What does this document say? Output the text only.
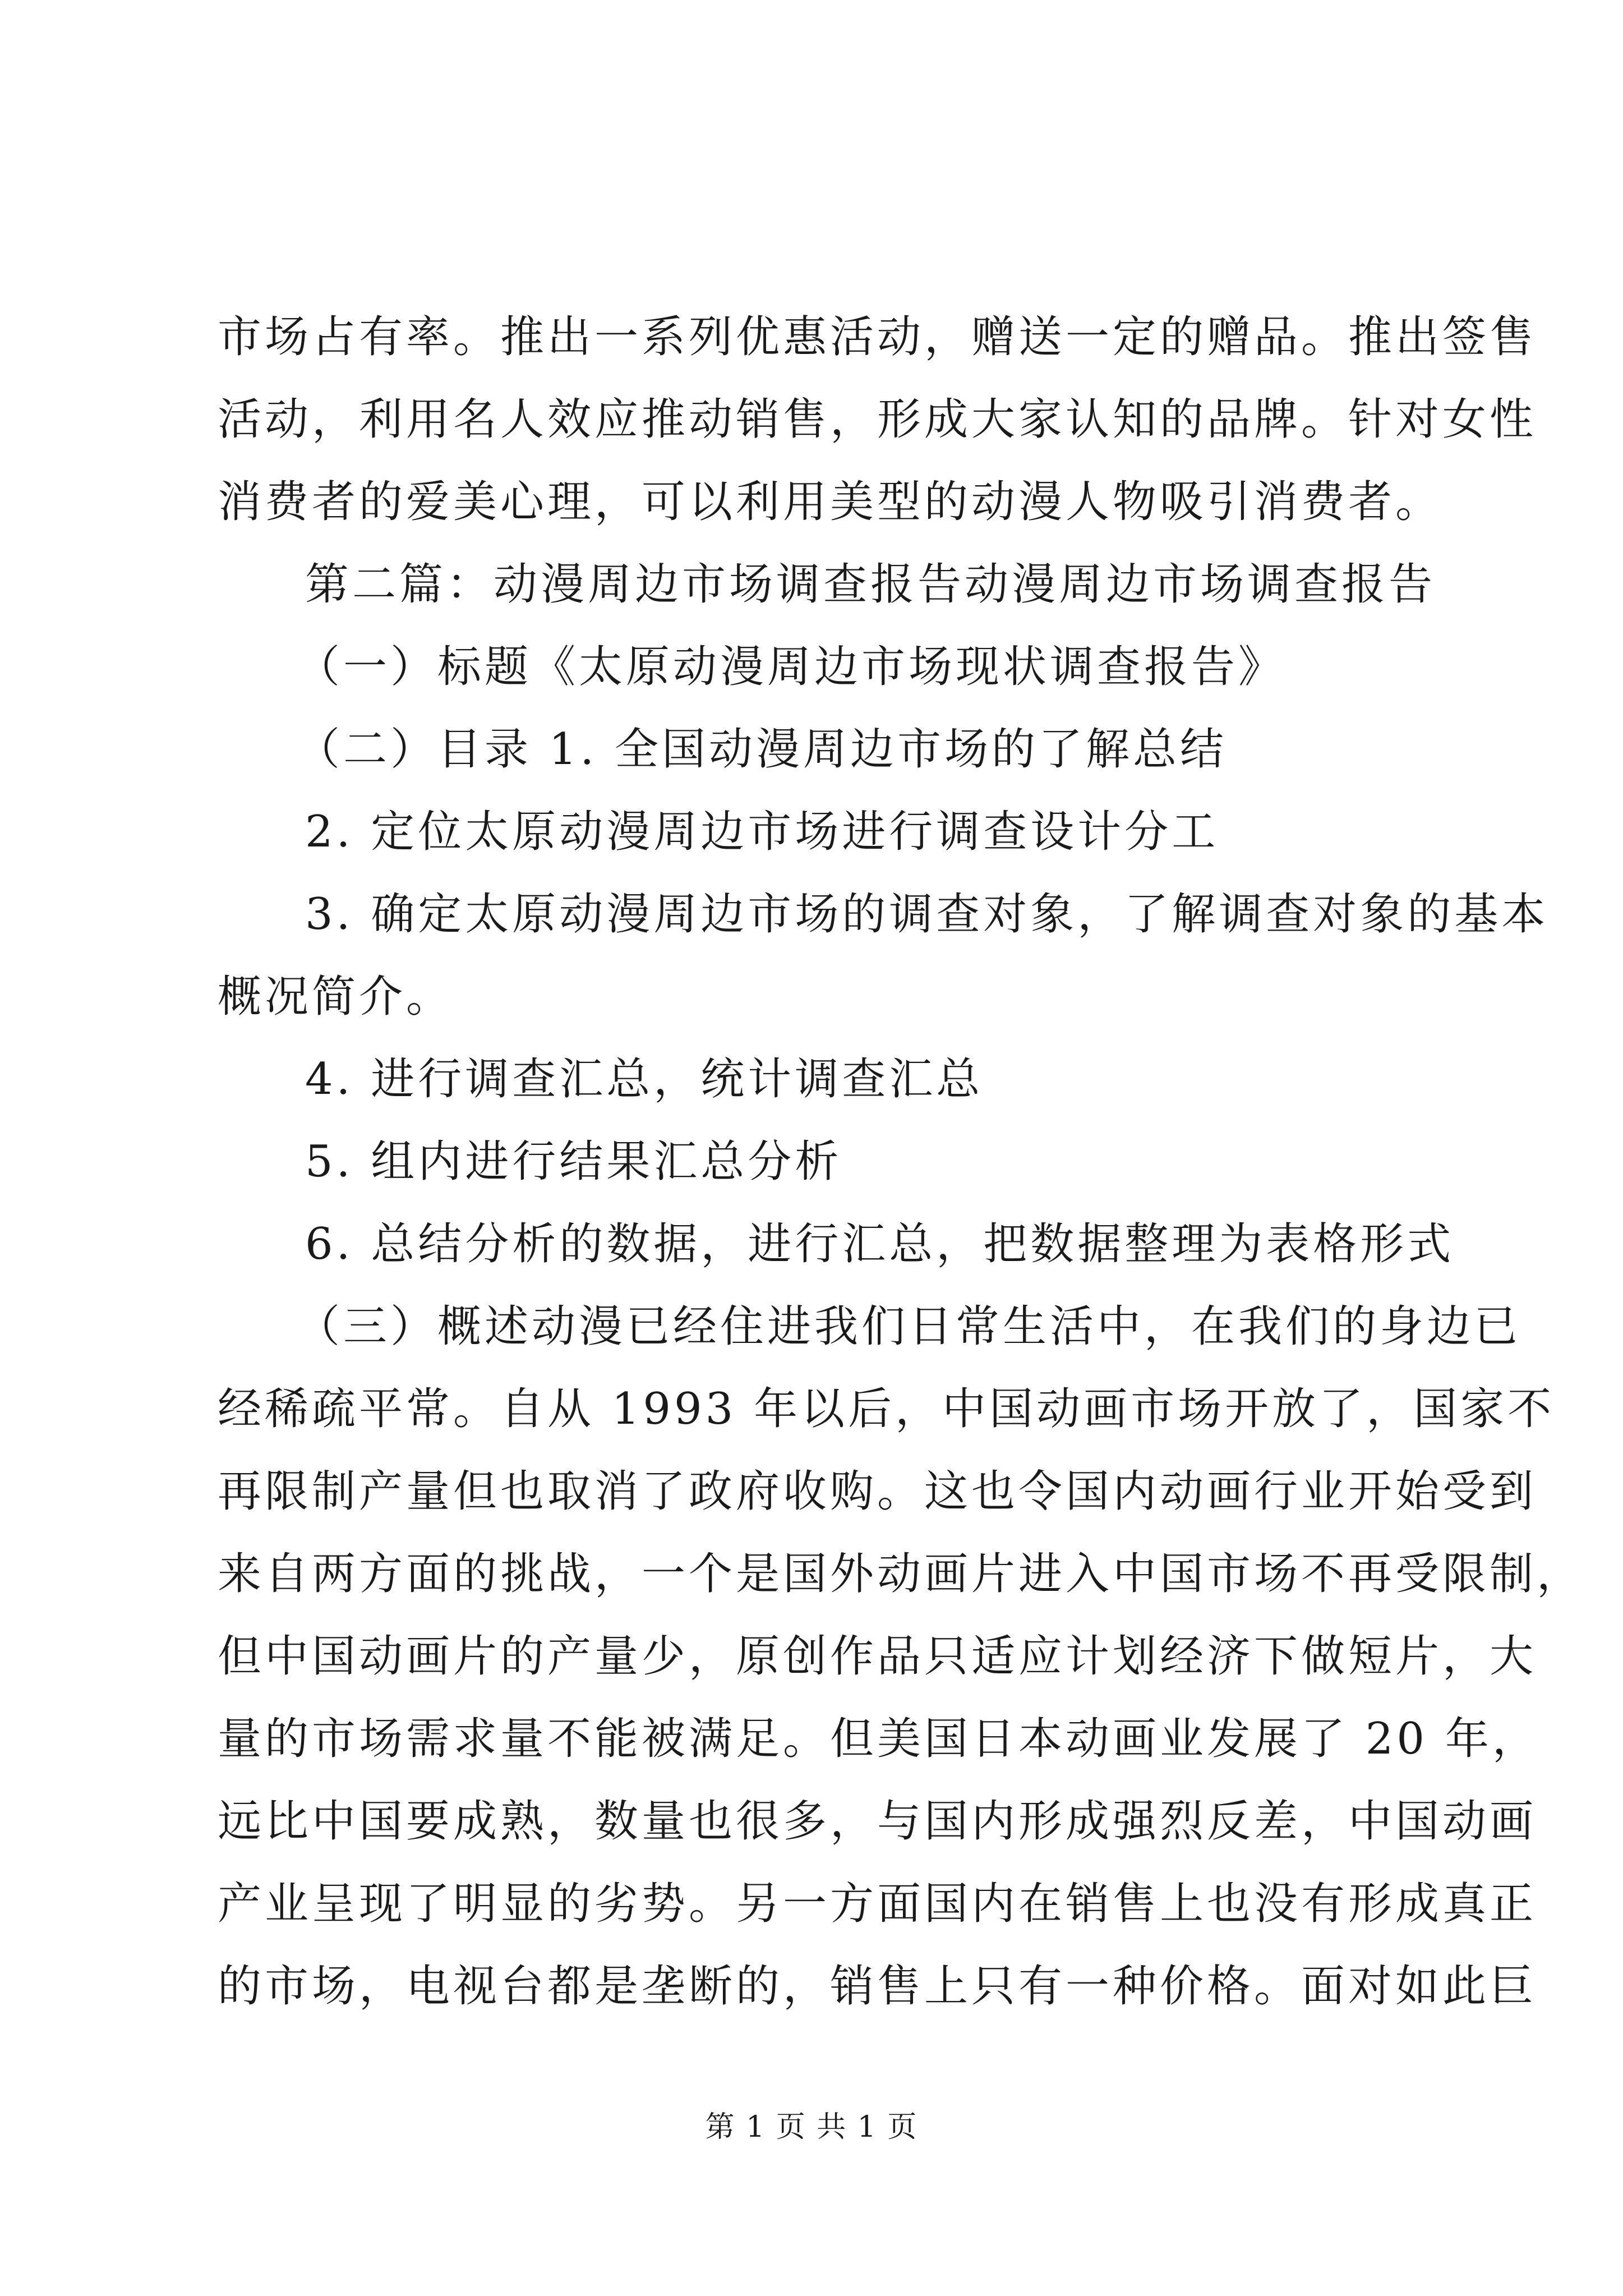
市场占有率。推出一系列优惠活动，赠送一定的赠品。推出签售
活动，利用名人效应推动销售，形成大家认知的品牌。针对女性
消费者的爱美心理，可以利用美型的动漫人物吸引消费者。
第二篇：动漫周边市场调查报告动漫周边市场调查报告
（一）标题《太原动漫周边市场现状调查报告》
（二）目录 1. 全国动漫周边市场的了解总结
2. 定位太原动漫周边市场进行调查设计分工
3. 确定太原动漫周边市场的调查对象，了解调查对象的基本
概况简介。
4. 进行调查汇总，统计调查汇总
5. 组内进行结果汇总分析
6. 总结分析的数据，进行汇总，把数据整理为表格形式
（三）概述动漫已经住进我们日常生活中，在我们的身边已
经稀疏平常。自从 1993 年以后，中国动画市场开放了，国家不
再限制产量但也取消了政府收购。这也令国内动画行业开始受到
来自两方面的挑战，一个是国外动画片进入中国市场不再受限制，
但中国动画片的产量少，原创作品只适应计划经济下做短片，大
量的市场需求量不能被满足。但美国日本动画业发展了 20 年，
远比中国要成熟，数量也很多，与国内形成强烈反差，中国动画
产业呈现了明显的劣势。另一方面国内在销售上也没有形成真正
的市场，电视台都是垄断的，销售上只有一种价格。面对如此巨
第 1 页 共 1 页
